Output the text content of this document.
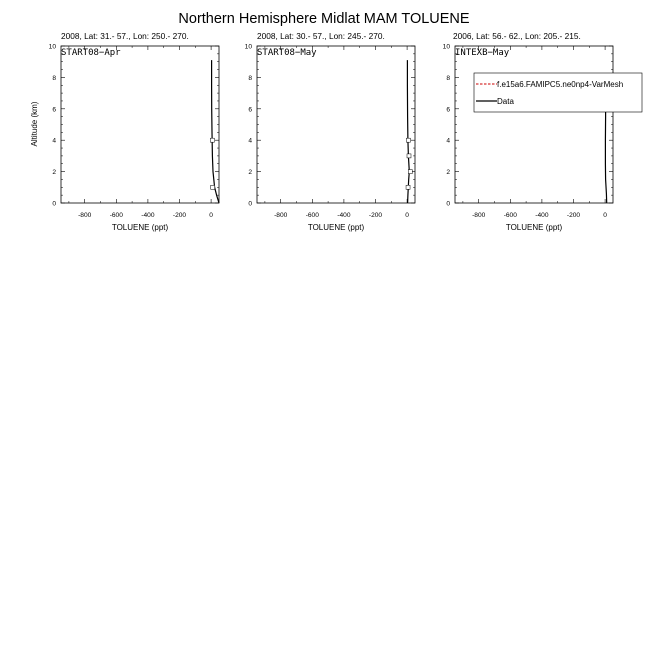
Northern Hemisphere Midlat MAM TOLUENE
2008, Lat: 31.- 57., Lon: 250.- 270.
START08−Apr
Altitude (km)
TOLUENE (ppt)
2008, Lat: 30.- 57., Lon: 245.- 270.
START08−May
TOLUENE (ppt)
2006, Lat: 56.- 62., Lon: 205.- 215.
INTEXB−May
TOLUENE (ppt)
-800	-600	-400	-200	0
0
2
4
6
8
10
-800	-600	-400	-200	0
0
2
4
6
8
10
-800	-600	-400	-200	0
0
2
4
6
8
10
f.e15a6.FAMIPC5.ne0np4-VarMesh
Data
